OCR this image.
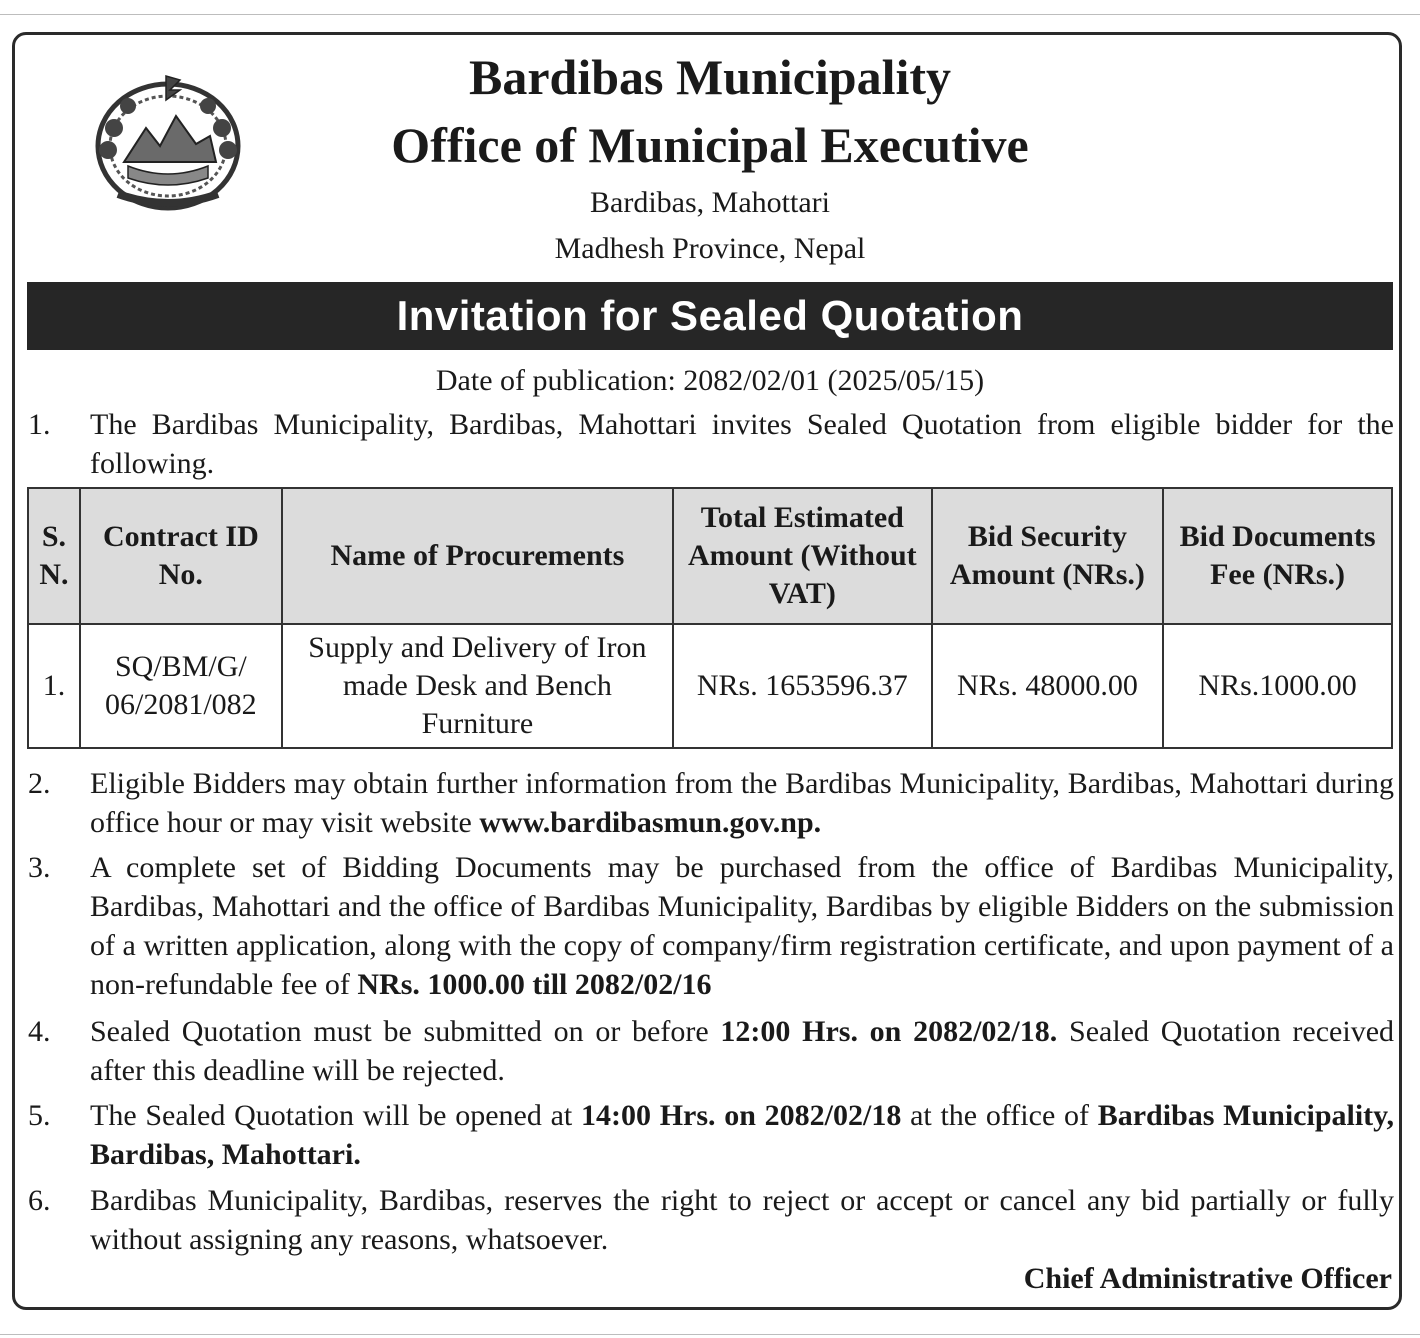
Bardibas Municipality
Office of Municipal Executive
Bardibas, Mahottari
Madhesh Province, Nepal
Invitation for Sealed Quotation
Date of publication: 2082/02/01 (2025/05/15)
1. The Bardibas Municipality, Bardibas, Mahottari invites Sealed Quotation from eligible bidder for the following.
S. N.	Contract ID No.	Name of Procurements	Total Estimated Amount (Without VAT)	Bid Security Amount (NRs.)	Bid Documents Fee (NRs.)
1.	SQ/BM/G/ 06/2081/082	Supply and Delivery of Iron made Desk and Bench Furniture	NRs. 1653596.37	NRs. 48000.00	NRs.1000.00
2. Eligible Bidders may obtain further information from the Bardibas Municipality, Bardibas, Mahottari during office hour or may visit website www.bardibasmun.gov.np.
3. A complete set of Bidding Documents may be purchased from the office of Bardibas Municipality, Bardibas, Mahottari and the office of Bardibas Municipality, Bardibas by eligible Bidders on the submission of a written application, along with the copy of company/firm registration certificate, and upon payment of a non-refundable fee of NRs. 1000.00 till 2082/02/16
4. Sealed Quotation must be submitted on or before 12:00 Hrs. on 2082/02/18. Sealed Quotation received after this deadline will be rejected.
5. The Sealed Quotation will be opened at 14:00 Hrs. on 2082/02/18 at the office of Bardibas Municipality, Bardibas, Mahottari.
6. Bardibas Municipality, Bardibas, reserves the right to reject or accept or cancel any bid partially or fully without assigning any reasons, whatsoever.
Chief Administrative Officer
